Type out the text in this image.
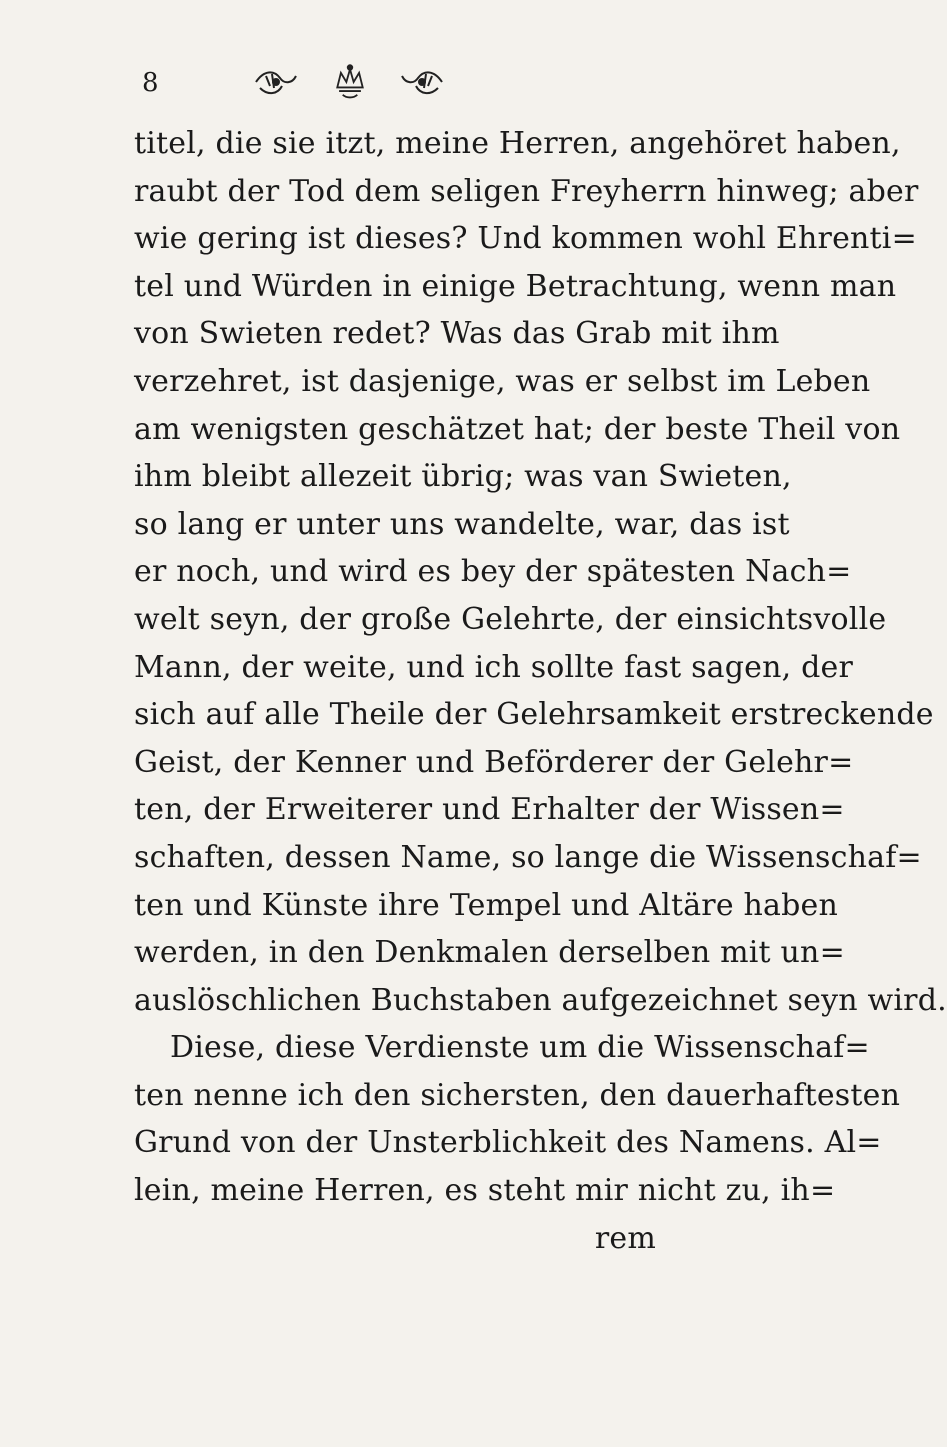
8
titel, die sie itzt, meine Herren, angehöret haben,
raubt der Tod dem seligen Freyherrn hinweg; aber
wie gering ist dieses? Und kommen wohl Ehrenti=
tel und Würden in einige Betrachtung, wenn man
von Swieten redet? Was das Grab mit ihm
verzehret, ist dasjenige, was er selbst im Leben
am wenigsten geschätzet hat; der beste Theil von
ihm bleibt allezeit übrig; was van Swieten,
so lang er unter uns wandelte, war, das ist
er noch, und wird es bey der spätesten Nach=
welt seyn, der große Gelehrte, der einsichtsvolle
Mann, der weite, und ich sollte fast sagen, der
sich auf alle Theile der Gelehrsamkeit erstreckende
Geist, der Kenner und Beförderer der Gelehr=
ten, der Erweiterer und Erhalter der Wissen=
schaften, dessen Name, so lange die Wissenschaf=
ten und Künste ihre Tempel und Altäre haben
werden, in den Denkmalen derselben mit un=
auslöschlichen Buchstaben aufgezeichnet seyn wird.
Diese, diese Verdienste um die Wissenschaf=
ten nenne ich den sichersten, den dauerhaftesten
Grund von der Unsterblichkeit des Namens. Al=
lein, meine Herren, es steht mir nicht zu, ih=
rem
